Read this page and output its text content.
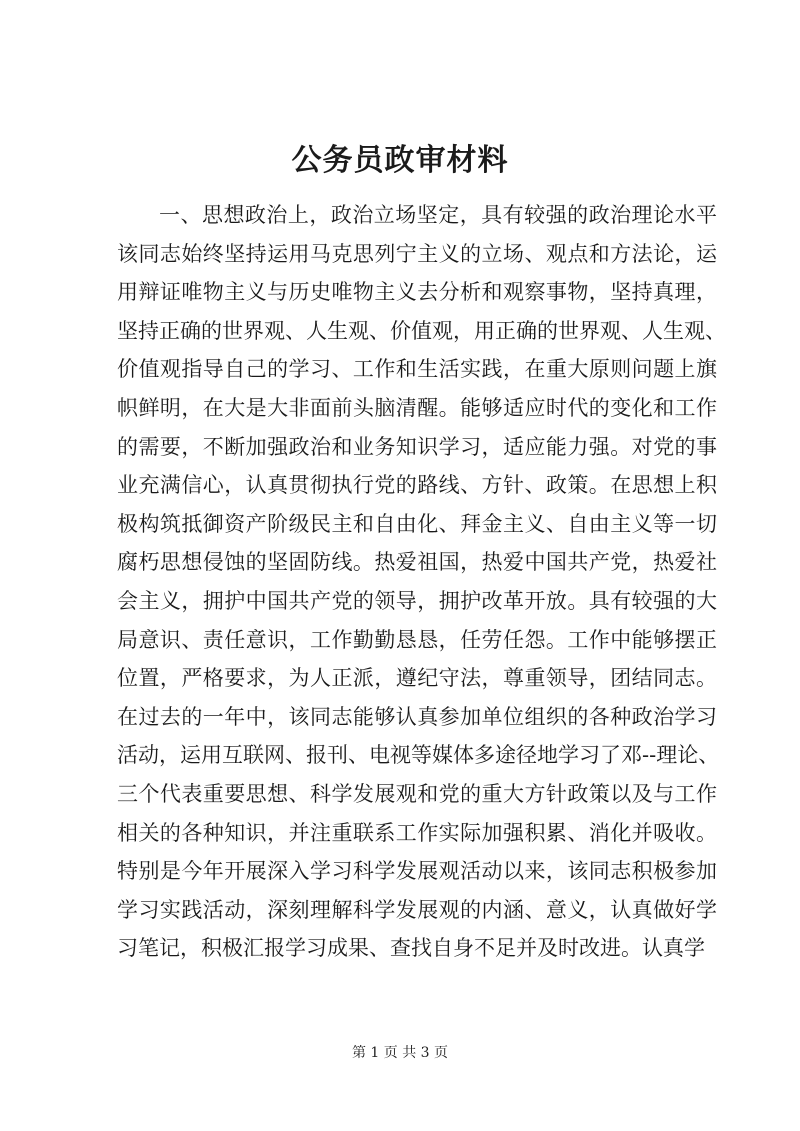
公务员政审材料
一、思想政治上，政治立场坚定，具有较强的政治理论水平
该同志始终坚持运用马克思列宁主义的立场、观点和方法论，运
用辩证唯物主义与历史唯物主义去分析和观察事物，坚持真理，
坚持正确的世界观、人生观、价值观，用正确的世界观、人生观、
价值观指导自己的学习、工作和生活实践，在重大原则问题上旗
帜鲜明，在大是大非面前头脑清醒。能够适应时代的变化和工作
的需要，不断加强政治和业务知识学习，适应能力强。对党的事
业充满信心，认真贯彻执行党的路线、方针、政策。在思想上积
极构筑抵御资产阶级民主和自由化、拜金主义、自由主义等一切
腐朽思想侵蚀的坚固防线。热爱祖国，热爱中国共产党，热爱社
会主义，拥护中国共产党的领导，拥护改革开放。具有较强的大
局意识、责任意识，工作勤勤恳恳，任劳任怨。工作中能够摆正
位置，严格要求，为人正派，遵纪守法，尊重领导，团结同志。
在过去的一年中，该同志能够认真参加单位组织的各种政治学习
活动，运用互联网、报刊、电视等媒体多途径地学习了邓--理论、
三个代表重要思想、科学发展观和党的重大方针政策以及与工作
相关的各种知识，并注重联系工作实际加强积累、消化并吸收。
特别是今年开展深入学习科学发展观活动以来，该同志积极参加
学习实践活动，深刻理解科学发展观的内涵、意义，认真做好学
习笔记，积极汇报学习成果、查找自身不足并及时改进。认真学
第 1 页 共 3 页
